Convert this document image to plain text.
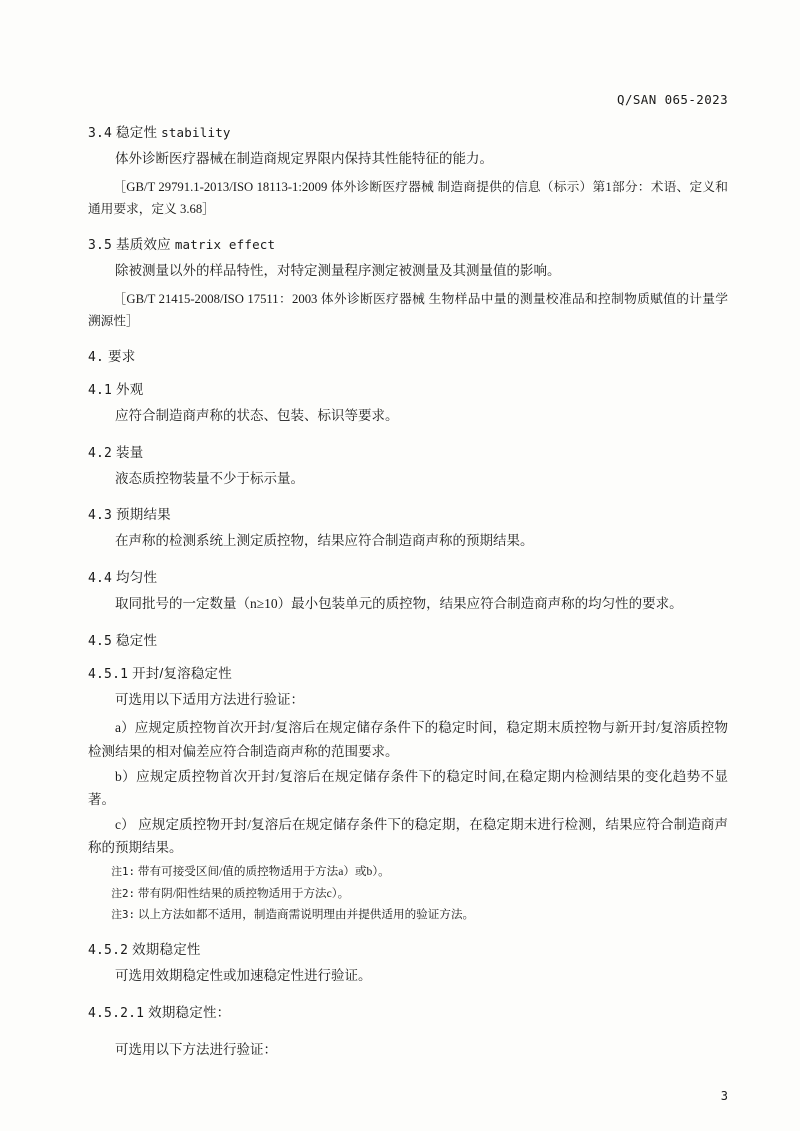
Q/SAN 065-2023
3.4 稳定性 stability

体外诊断医疗器械在制造商规定界限内保持其性能特征的能力。

［GB/T 29791.1-2013/ISO 18113-1:2009 体外诊断医疗器械 制造商提供的信息（标示）第1部分：术语、定义和通用要求，定义 3.68］

3.5 基质效应 matrix effect

除被测量以外的样品特性，对特定测量程序测定被测量及其测量值的影响。

［GB/T 21415-2008/ISO 17511：2003 体外诊断医疗器械 生物样品中量的测量校准品和控制物质赋值的计量学溯源性］

4. 要求
4.1 外观

应符合制造商声称的状态、包装、标识等要求。

4.2 装量

液态质控物装量不少于标示量。

4.3 预期结果

在声称的检测系统上测定质控物，结果应符合制造商声称的预期结果。

4.4 均匀性

取同批号的一定数量（n≥10）最小包装单元的质控物，结果应符合制造商声称的均匀性的要求。

4.5 稳定性
4.5.1 开封/复溶稳定性

可选用以下适用方法进行验证：

a）应规定质控物首次开封/复溶后在规定储存条件下的稳定时间，稳定期末质控物与新开封/复溶质控物检测结果的相对偏差应符合制造商声称的范围要求。

b）应规定质控物首次开封/复溶后在规定储存条件下的稳定时间,在稳定期内检测结果的变化趋势不显著。

c） 应规定质控物开封/复溶后在规定储存条件下的稳定期，在稳定期末进行检测，结果应符合制造商声称的预期结果。

注1: 带有可接受区间/值的质控物适用于方法a）或b）。

注2: 带有阴/阳性结果的质控物适用于方法c）。

注3: 以上方法如都不适用，制造商需说明理由并提供适用的验证方法。

4.5.2 效期稳定性

可选用效期稳定性或加速稳定性进行验证。

4.5.2.1 效期稳定性：

可选用以下方法进行验证：

3
